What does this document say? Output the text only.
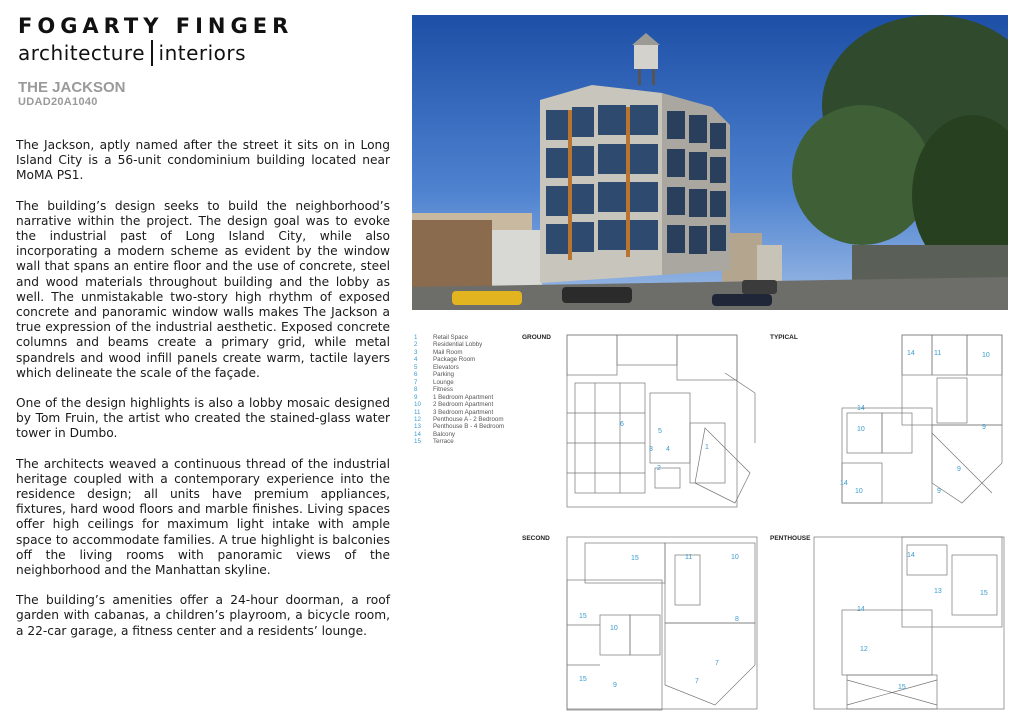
FOGARTY FINGER
architecture interiors
THE JACKSON
UDAD20A1040

The Jackson, aptly named after the street it sits on in Long Island City is a 56-unit condominium building located near MoMA PS1.

The building’s design seeks to build the neighborhood’s narrative within the project. The design goal was to evoke the industrial past of Long Island City, while also incorporating a modern scheme as evident by the window wall that spans an entire floor and the use of concrete, steel and wood materials throughout building and the lobby as well. The unmistakable two-story high rhythm of exposed concrete and panoramic window walls makes The Jackson a true expression of the industrial aesthetic. Exposed concrete columns and beams create a primary grid, while metal spandrels and wood infill panels create warm, tactile layers which delineate the scale of the façade.

One of the design highlights is also a lobby mosaic designed by Tom Fruin, the artist who created the stained-glass water tower in Dumbo.

The architects weaved a continuous thread of the industrial heritage coupled with a contemporary experience into the residence design; all units have premium appliances, fixtures, hard wood floors and marble finishes. Living spaces offer high ceilings for maximum light intake with ample space to accommodate families. A true highlight is balconies off the living rooms with panoramic views of the neighborhood and the Manhattan skyline.

The building’s amenities offer a 24-hour doorman, a roof garden with cabanas, a children’s playroom, a bicycle room, a 22-car garage, a fitness center and a residents’ lounge.

1	Retail Space
2	Residential Lobby
3	Mail Room
4	Package Room
5	Elevators
6	Parking
7	Lounge
8	Fitness
9	1 Bedroom Apartment
10	2 Bedroom Apartment
11	3 Bedroom Apartment
12	Penthouse A - 2 Bedroom
13	Penthouse B - 4 Bedroom
14	Balcony
15	Terrace
GROUND	TYPICAL
SECOND	PENTHOUSE
6
5
3 4	1
2
14	11	10
14
10	9
9
14
10	9
15	11	10
15
10
8
7
15
9
7
14
13	15
14
12
15
